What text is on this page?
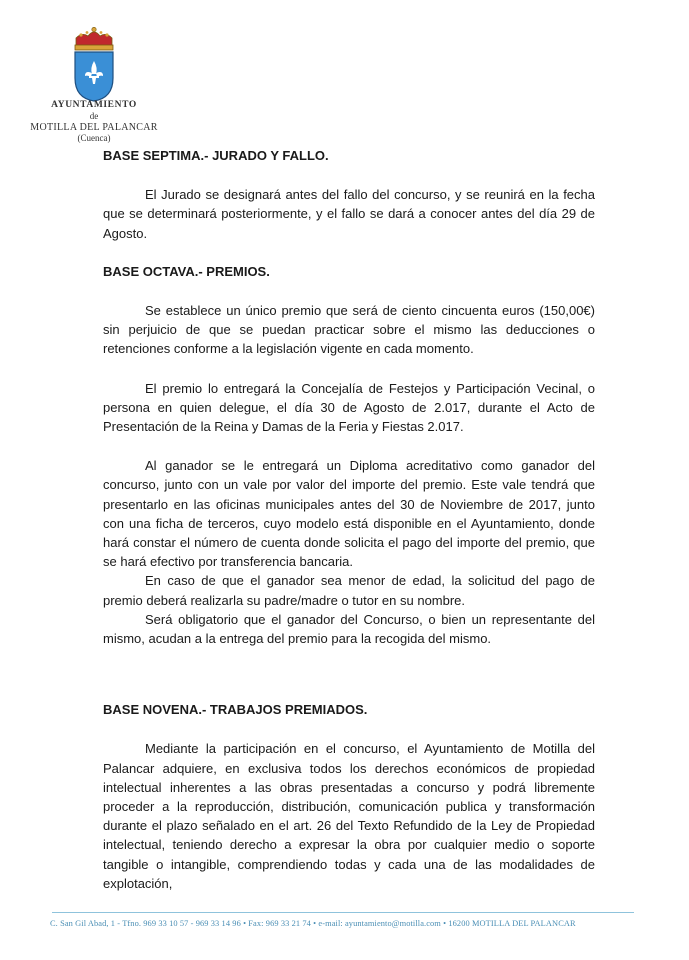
AYUNTAMIENTO
de
MOTILLA DEL PALANCAR
(Cuenca)

BASE SEPTIMA.- JURADO Y FALLO.

El Jurado se designará antes del fallo del concurso, y se reunirá en la fecha que se determinará posteriormente, y el fallo se dará a conocer antes del día 29 de Agosto.

BASE OCTAVA.- PREMIOS.

Se establece un único premio que será de ciento cincuenta euros (150,00€) sin perjuicio de que se puedan practicar sobre el mismo las deducciones o retenciones conforme a la legislación vigente en cada momento.

El premio lo entregará la Concejalía de Festejos y Participación Vecinal, o persona en quien delegue, el día 30 de Agosto de 2.017, durante el Acto de Presentación de la Reina y Damas de la Feria y Fiestas 2.017.

Al ganador se le entregará un Diploma acreditativo como ganador del concurso, junto con un vale por valor del importe del premio. Este vale tendrá que presentarlo en las oficinas municipales antes del 30 de Noviembre de 2017, junto con una ficha de terceros, cuyo modelo está disponible en el Ayuntamiento, donde hará constar el número de cuenta donde solicita el pago del importe del premio, que se hará efectivo por transferencia bancaria.

En caso de que el ganador sea menor de edad, la solicitud del pago de premio deberá realizarla su padre/madre o tutor en su nombre.

Será obligatorio que el ganador del Concurso, o bien un representante del mismo, acudan a la entrega del premio para la recogida del mismo.

BASE NOVENA.- TRABAJOS PREMIADOS.

Mediante la participación en el concurso, el Ayuntamiento de Motilla del Palancar adquiere, en exclusiva todos los derechos económicos de propiedad intelectual inherentes a las obras presentadas a concurso y podrá libremente proceder a la reproducción, distribución, comunicación publica y transformación durante el plazo señalado en el art. 26 del Texto Refundido de la Ley de Propiedad intelectual, teniendo derecho a expresar la obra por cualquier medio o soporte tangible o intangible, comprendiendo todas y cada una de las modalidades de explotación,

C. San Gil Abad, 1 - Tfno. 969 33 10 57 - 969 33 14 96 • Fax: 969 33 21 74 • e-mail: ayuntamiento@motilla.com • 16200 MOTILLA DEL PALANCAR
